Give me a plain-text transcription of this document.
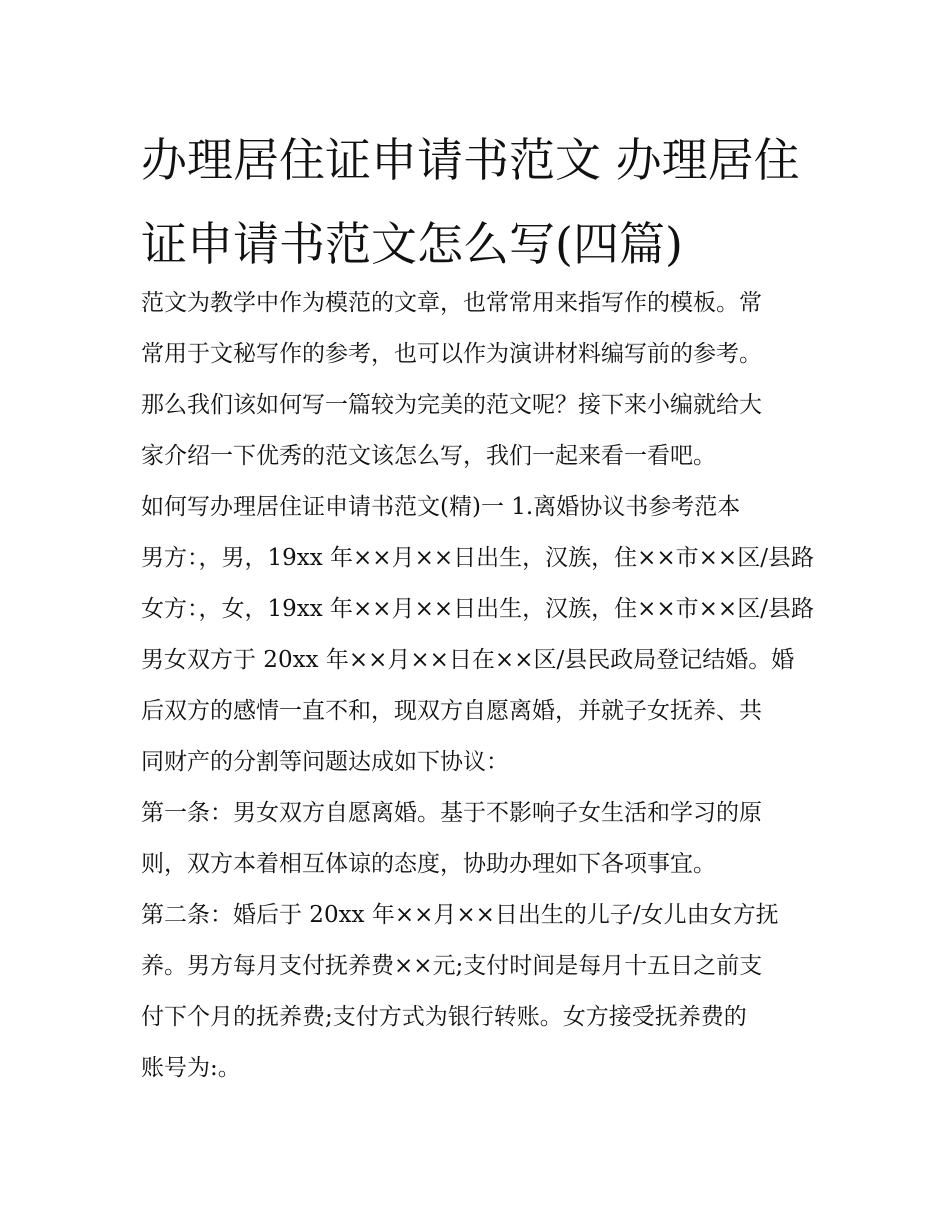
办理居住证申请书范文 办理居住证申请书范文怎么写(四篇)
范文为教学中作为模范的文章，也常常用来指写作的模板。常
常用于文秘写作的参考，也可以作为演讲材料编写前的参考。
那么我们该如何写一篇较为完美的范文呢？接下来小编就给大
家介绍一下优秀的范文该怎么写，我们一起来看一看吧。
如何写办理居住证申请书范文(精)一 1.离婚协议书参考范本
男方：，男，19xx 年××月××日出生，汉族，住××市××区/县路
女方：，女，19xx 年××月××日出生，汉族，住××市××区/县路
男女双方于 20xx 年××月××日在××区/县民政局登记结婚。婚
后双方的感情一直不和，现双方自愿离婚，并就子女抚养、共
同财产的分割等问题达成如下协议：
第一条：男女双方自愿离婚。基于不影响子女生活和学习的原
则，双方本着相互体谅的态度，协助办理如下各项事宜。
第二条：婚后于 20xx 年××月××日出生的儿子/女儿由女方抚
养。男方每月支付抚养费××元;支付时间是每月十五日之前支
付下个月的抚养费;支付方式为银行转账。女方接受抚养费的
账号为:。
